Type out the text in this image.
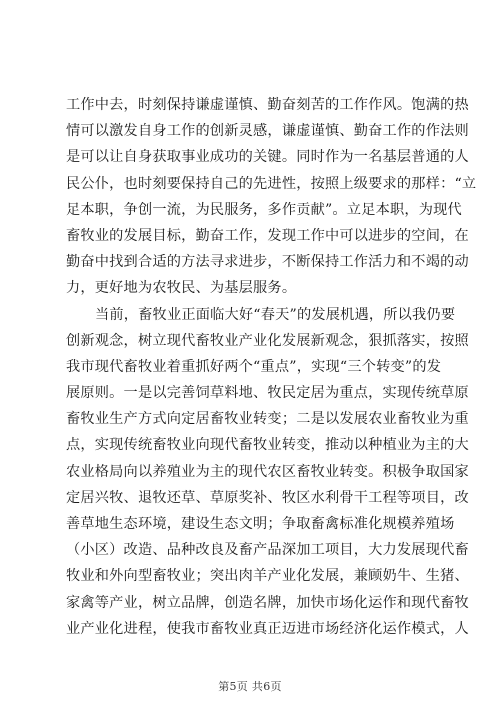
工作中去，时刻保持谦虚谨慎、勤奋刻苦的工作作风。饱满的热
情可以激发自身工作的创新灵感，谦虚谨慎、勤奋工作的作法则
是可以让自身获取事业成功的关键。同时作为一名基层普通的人
民公仆，也时刻要保持自己的先进性，按照上级要求的那样：“立
足本职，争创一流，为民服务，多作贡献”。立足本职，为现代
畜牧业的发展目标，勤奋工作，发现工作中可以进步的空间，在
勤奋中找到合适的方法寻求进步，不断保持工作活力和不竭的动
力，更好地为农牧民、为基层服务。
当前，畜牧业正面临大好“春天”的发展机遇，所以我仍要
创新观念，树立现代畜牧业产业化发展新观念，狠抓落实，按照
我市现代畜牧业着重抓好两个“重点”，实现“三个转变”的发
展原则。一是以完善饲草料地、牧民定居为重点，实现传统草原
畜牧业生产方式向定居畜牧业转变；二是以发展农业畜牧业为重
点，实现传统畜牧业向现代畜牧业转变，推动以种植业为主的大
农业格局向以养殖业为主的现代农区畜牧业转变。积极争取国家
定居兴牧、退牧还草、草原奖补、牧区水利骨干工程等项目，改
善草地生态环境，建设生态文明；争取畜禽标准化规模养殖场
（小区）改造、品种改良及畜产品深加工项目，大力发展现代畜
牧业和外向型畜牧业；突出肉羊产业化发展，兼顾奶牛、生猪、
家禽等产业，树立品牌，创造名牌，加快市场化运作和现代畜牧
业产业化进程，使我市畜牧业真正迈进市场经济化运作模式，人
第5页 共6页
